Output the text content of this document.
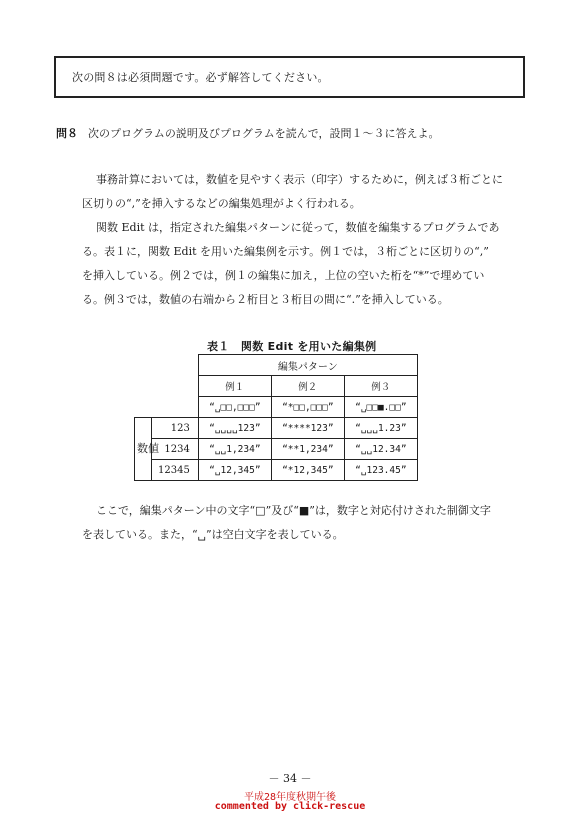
次の問８は必須問題です。必ず解答してください。
問８ 次のプログラムの説明及びプログラムを読んで，設問１〜３に答えよ。
事務計算においては，数値を見やすく表示（印字）するために，例えば３桁ごとに
区切りの“,”を挿入するなどの編集処理がよく行われる。
関数 Edit は，指定された編集パターンに従って，数値を編集するプログラムであ
る。表１に，関数 Edit を用いた編集例を示す。例１では，３桁ごとに区切りの“,”
を挿入している。例２では，例１の編集に加え，上位の空いた桁を“*”で埋めてい
る。例３では，数値の右端から２桁目と３桁目の間に“.”を挿入している。
表１　関数 Edit を用いた編集例
		編集パターン		
		例１	例２	例３
		“␣□□,□□□”	“*□□,□□□”	“␣□□■.□□”
数値	123	“␣␣␣␣123”	“****123”	“␣␣␣1.23”
	1234	“␣␣1,234”	“**1,234”	“␣␣12.34”
	12345	“␣12,345”	“*12,345”	“␣123.45”
ここで，編集パターン中の文字“□”及び“■”は，数字と対応付けされた制御文字
を表している。また，“␣”は空白文字を表している。
－ 34 －
平成28年度秋期午後
commented by click-rescue
